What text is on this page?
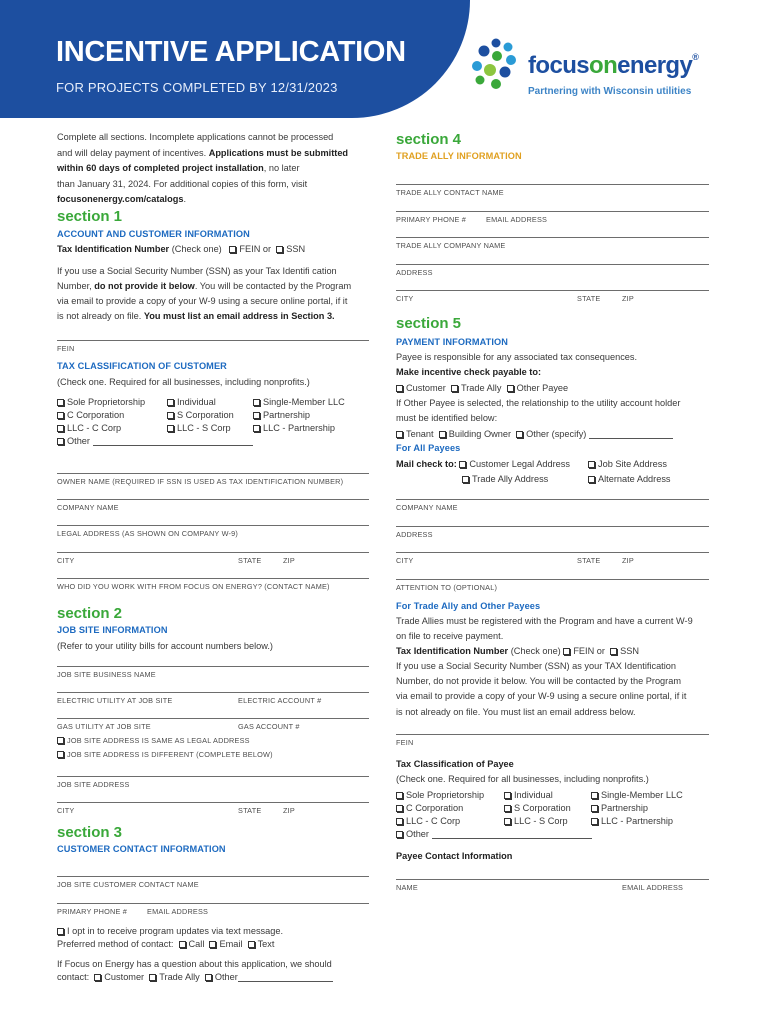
INCENTIVE APPLICATION
FOR PROJECTS COMPLETED BY 12/31/2023
focusonenergy®
Partnering with Wisconsin utilities
Complete all sections. Incomplete applications cannot be processed
and will delay payment of incentives. Applications must be submitted
within 60 days of completed project installation, no later
than January 31, 2024. For additional copies of this form, visit
focusonenergy.com/catalogs.
section 1
ACCOUNT AND CUSTOMER INFORMATION
Tax Identification Number (Check one) FEIN or SSN
If you use a Social Security Number (SSN) as your Tax Identifi cation
Number, do not provide it below. You will be contacted by the Program
via email to provide a copy of your W-9 using a secure online portal, if it
is not already on file. You must list an email address in Section 3.
FEIN
TAX CLASSIFICATION OF CUSTOMER
(Check one. Required for all businesses, including nonprofits.)
Sole Proprietorship	Individual	Single-Member LLC
C Corporation	S Corporation	Partnership
LLC - C Corp	LLC - S Corp	LLC - Partnership
Other
OWNER NAME (REQUIRED IF SSN IS USED AS TAX IDENTIFICATION NUMBER)
COMPANY NAME
LEGAL ADDRESS (AS SHOWN ON COMPANY W-9)
CITY	STATE	ZIP
WHO DID YOU WORK WITH FROM FOCUS ON ENERGY? (CONTACT NAME)
section 2
JOB SITE INFORMATION
(Refer to your utility bills for account numbers below.)
JOB SITE BUSINESS NAME
ELECTRIC UTILITY AT JOB SITE	ELECTRIC ACCOUNT #
GAS UTILITY AT JOB SITE	GAS ACCOUNT #
JOB SITE ADDRESS IS SAME AS LEGAL ADDRESS
JOB SITE ADDRESS IS DIFFERENT (COMPLETE BELOW)
JOB SITE ADDRESS
CITY	STATE	ZIP
section 3
CUSTOMER CONTACT INFORMATION
JOB SITE CUSTOMER CONTACT NAME
PRIMARY PHONE #	EMAIL ADDRESS
I opt in to receive program updates via text message.
Preferred method of contact: Call Email Text
If Focus on Energy has a question about this application, we should
contact: Customer Trade Ally Other
section 4
TRADE ALLY INFORMATION
TRADE ALLY CONTACT NAME
PRIMARY PHONE #	EMAIL ADDRESS
TRADE ALLY COMPANY NAME
ADDRESS
CITY	STATE	ZIP
section 5
PAYMENT INFORMATION
Payee is responsible for any associated tax consequences.
Make incentive check payable to:
Customer Trade Ally Other Payee
If Other Payee is selected, the relationship to the utility account holder
must be identified below:
Tenant Building Owner Other (specify)
For All Payees
Mail check to: Customer Legal Address	Job Site Address
Trade Ally Address	Alternate Address
COMPANY NAME
ADDRESS
CITY	STATE	ZIP
ATTENTION TO (OPTIONAL)
For Trade Ally and Other Payees
Trade Allies must be registered with the Program and have a current W-9
on file to receive payment.
Tax Identification Number (Check one) FEIN or SSN
If you use a Social Security Number (SSN) as your TAX Identification
Number, do not provide it below. You will be contacted by the Program
via email to provide a copy of your W-9 using a secure online portal, if it
is not already on file. You must list an email address below.
FEIN
Tax Classification of Payee
(Check one. Required for all businesses, including nonprofits.)
Sole Proprietorship	Individual	Single-Member LLC
C Corporation	S Corporation	Partnership
LLC - C Corp	LLC - S Corp	LLC - Partnership
Other
Payee Contact Information
NAME	EMAIL ADDRESS
